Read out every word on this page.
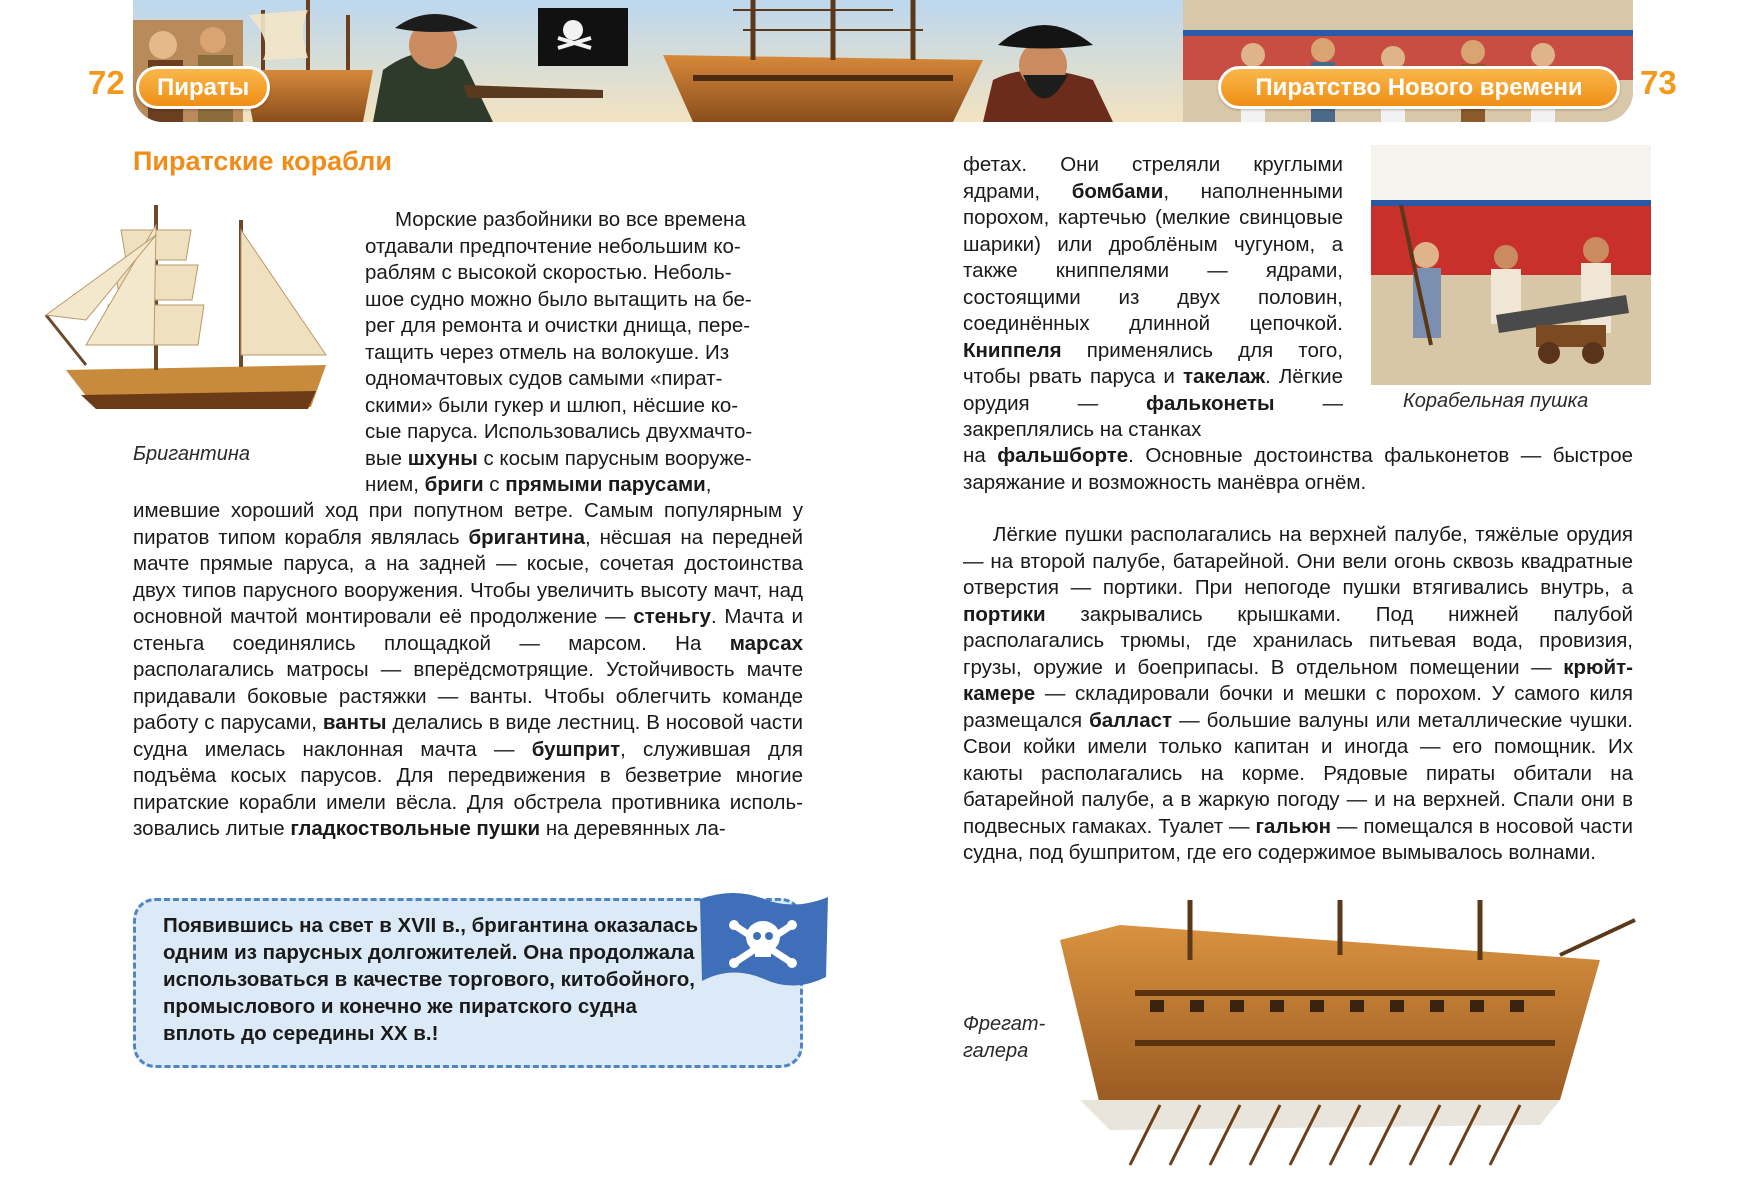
72	Пираты	Пиратство Нового времени	73
Пиратские корабли
Бригантина
Морские разбойники во все времена
отдавали предпочтение небольшим ко-
раблям с высокой скоростью. Неболь-
шое судно можно было вытащить на бе-
рег для ремонта и очистки днища, пере-
тащить через отмель на волокуше. Из
одномачтовых судов самыми «пират-
скими» были гукер и шлюп, нёсшие ко-
сые паруса. Использовались двухмачто-
вые шхуны с косым парусным вооруже-
нием, бриги с прямыми парусами,
имевшие хороший ход при попутном ветре. Самым популярным у пиратов типом корабля являлась бригантина, нёсшая на передней мачте прямые паруса, а на задней — косые, сочетая достоинства двух типов парусного вооружения. Чтобы увеличить высоту мачт, над основной мачтой монтировали её продолжение — стеньгу. Мачта и стеньга соединялись площадкой — марсом. На марсах располагались матросы — вперёдсмотрящие. Устойчивость мачте придавали боковые растяжки — ванты. Чтобы облегчить команде работу с парусами, ванты делались в виде лестниц. В носовой части судна имелась наклонная мачта — бушприт, служившая для подъёма косых парусов. Для передвижения в безветрие многие пиратские корабли имели вёсла. Для обстрела противника использовались литые гладкоствольные пушки на деревянных ла-
Появившись на свет в XVII в., бригантина оказалась одним из парусных долгожителей. Она продолжала использоваться в качестве торгового, китобойного, промыслового и конечно же пиратского судна вплоть до середины XX в.!
фетах. Они стреляли круглыми ядрами, бомбами, наполненными порохом, картечью (мелкие свинцовые шарики) или дроблёным чугуном, а также книппелями — ядрами, состоящими из двух половин, соединённых длинной цепочкой. Книппеля применялись для того, чтобы рвать паруса и такелаж. Лёгкие орудия — фальконеты — закреплялись на станках
Корабельная пушка
на фальшборте. Основные достоинства фальконетов — быстрое заряжание и возможность манёвра огнём.
Лёгкие пушки располагались на верхней палубе, тяжёлые орудия — на второй палубе, батарейной. Они вели огонь сквозь квадратные отверстия — портики. При непогоде пушки втягивались внутрь, а портики закрывались крышками. Под нижней палубой располагались трюмы, где хранилась питьевая вода, провизия, грузы, оружие и боеприпасы. В отдельном помещении — крюйт-камере — складировали бочки и мешки с порохом. У самого киля размещался балласт — большие валуны или металлические чушки. Свои койки имели только капитан и иногда — его помощник. Их каюты располагались на корме. Рядовые пираты обитали на батарейной палубе, а в жаркую погоду — и на верхней. Спали они в подвесных гамаках. Туалет — гальюн — помещался в носовой части судна, под бушпритом, где его содержимое вымывалось волнами.
Фрегат-
галера
